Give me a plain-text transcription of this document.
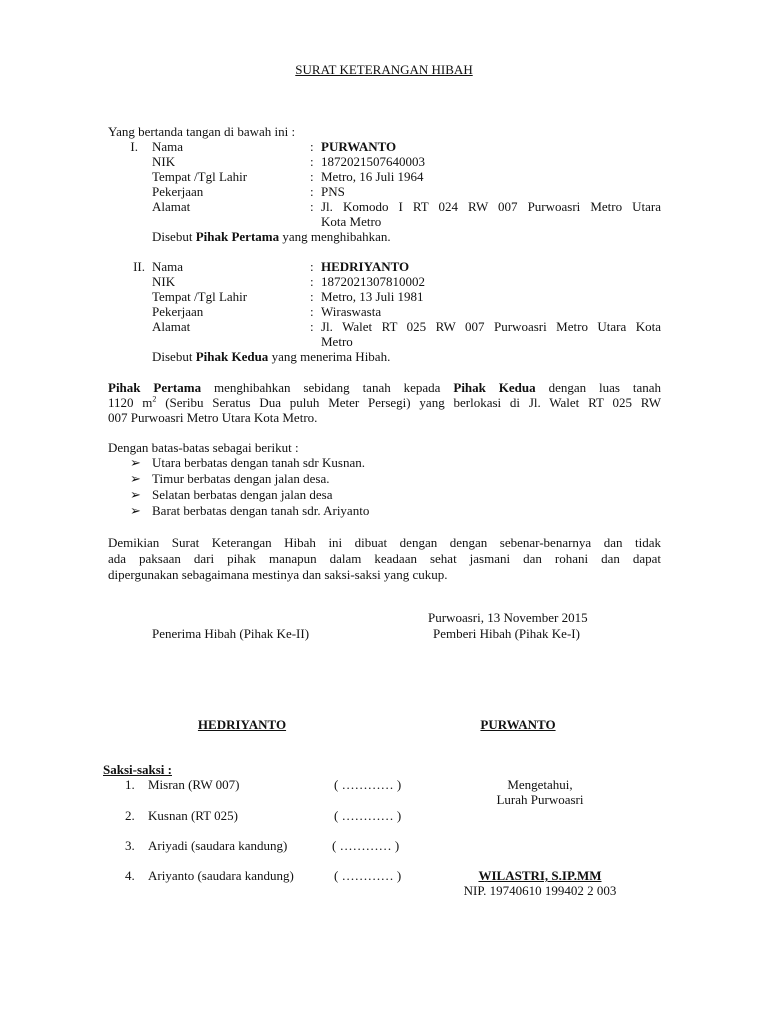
SURAT KETERANGAN HIBAH
Yang bertanda tangan di bawah ini :
I. Nama	: PURWANTO
NIK	: 1872021507640003
Tempat /Tgl Lahir	: Metro, 16 Juli 1964
Pekerjaan	: PNS
Alamat	: Jl. Komodo I RT 024 RW 007 Purwoasri Metro Utara
Kota Metro
Disebut Pihak Pertama yang menghibahkan.
II. Nama	: HEDRIYANTO
NIK	: 1872021307810002
Tempat /Tgl Lahir	: Metro, 13 Juli 1981
Pekerjaan	: Wiraswasta
Alamat	: Jl. Walet RT 025 RW 007 Purwoasri Metro Utara Kota
Metro
Disebut Pihak Kedua yang menerima Hibah.
Pihak Pertama menghibahkan sebidang tanah kepada Pihak Kedua dengan luas tanah
1120 $m^2$ (Seribu Seratus Dua puluh Meter Persegi) yang berlokasi di Jl. Walet RT 025 RW
007 Purwoasri Metro Utara Kota Metro.
Dengan batas-batas sebagai berikut :
➢ Utara berbatas dengan tanah sdr Kusnan.
➢ Timur berbatas dengan jalan desa.
➢ Selatan berbatas dengan jalan desa
➢ Barat berbatas dengan tanah sdr. Ariyanto
Demikian Surat Keterangan Hibah ini dibuat dengan dengan sebenar-benarnya dan tidak
ada paksaan dari pihak manapun dalam keadaan sehat jasmani dan rohani dan dapat
dipergunakan sebagaimana mestinya dan saksi-saksi yang cukup.
Purwoasri, 13 November 2015
Penerima Hibah (Pihak Ke-II)	Pemberi Hibah (Pihak Ke-I)
HEDRIYANTO	PURWANTO
Saksi-saksi :
1. Misran (RW 007)	( ………… )
2. Kusnan (RT 025)	( ………… )
3. Ariyadi (saudara kandung)	( ………… )
4. Ariyanto (saudara kandung)	( ………… )
Mengetahui,
Lurah Purwoasri
WILASTRI, S.IP.MM
NIP. 19740610 199402 2 003
